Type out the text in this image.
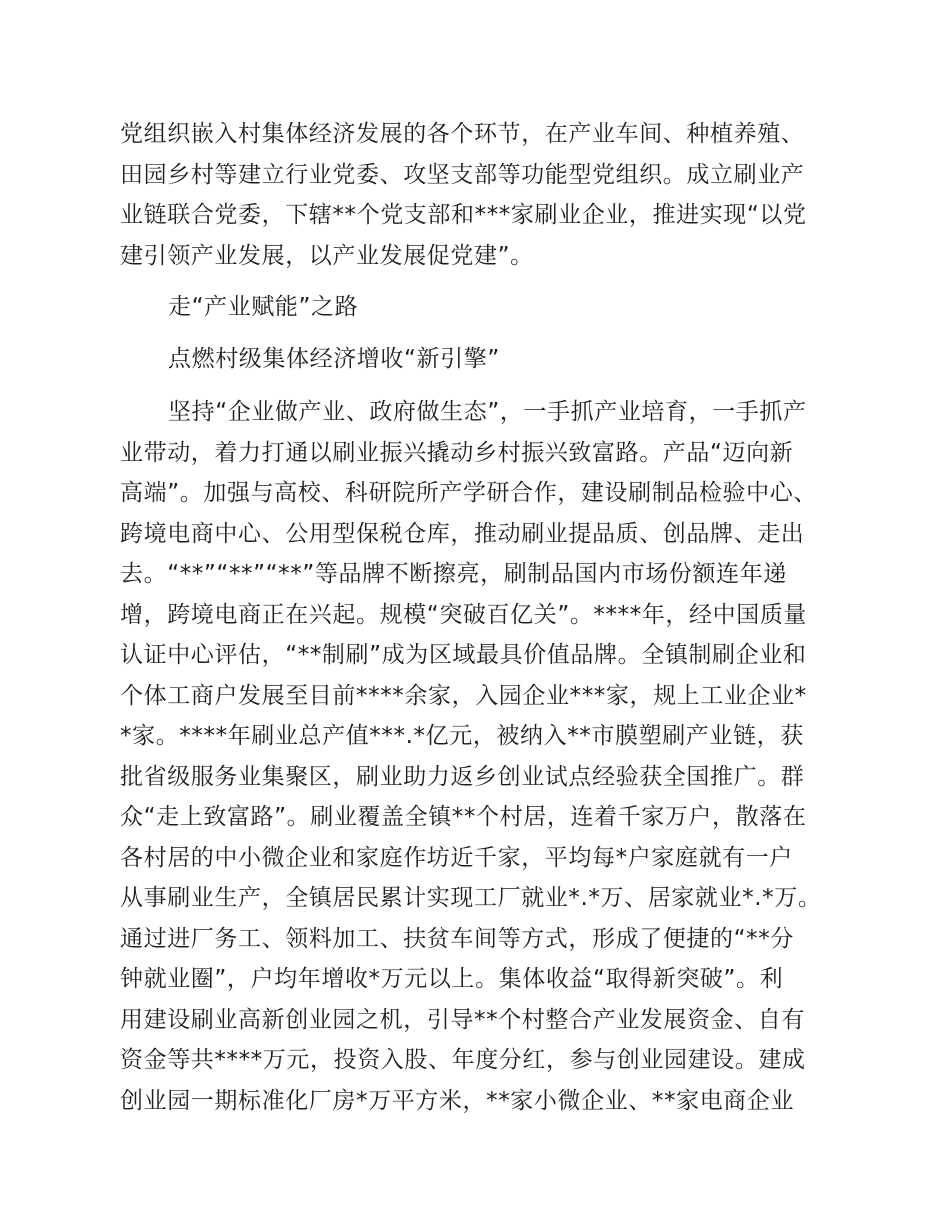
党组织嵌入村集体经济发展的各个环节，在产业车间、种植养殖、
田园乡村等建立行业党委、攻坚支部等功能型党组织。成立刷业产
业链联合党委，下辖**个党支部和***家刷业企业，推进实现“以党
建引领产业发展，以产业发展促党建”。
走“产业赋能”之路
点燃村级集体经济增收“新引擎”
坚持“企业做产业、政府做生态”，一手抓产业培育，一手抓产
业带动，着力打通以刷业振兴撬动乡村振兴致富路。产品“迈向新
高端”。加强与高校、科研院所产学研合作，建设刷制品检验中心、
跨境电商中心、公用型保税仓库，推动刷业提品质、创品牌、走出
去。“**”“**”“**”等品牌不断擦亮，刷制品国内市场份额连年递
增，跨境电商正在兴起。规模“突破百亿关”。****年，经中国质量
认证中心评估，“**制刷”成为区域最具价值品牌。全镇制刷企业和
个体工商户发展至目前****余家，入园企业***家，规上工业企业*
*家。****年刷业总产值***.*亿元，被纳入**市膜塑刷产业链，获
批省级服务业集聚区，刷业助力返乡创业试点经验获全国推广。群
众“走上致富路”。刷业覆盖全镇**个村居，连着千家万户，散落在
各村居的中小微企业和家庭作坊近千家，平均每*户家庭就有一户
从事刷业生产，全镇居民累计实现工厂就业*.*万、居家就业*.*万。
通过进厂务工、领料加工、扶贫车间等方式，形成了便捷的“**分
钟就业圈”，户均年增收*万元以上。集体收益“取得新突破”。利
用建设刷业高新创业园之机，引导**个村整合产业发展资金、自有
资金等共****万元，投资入股、年度分红，参与创业园建设。建成
创业园一期标准化厂房*万平方米，**家小微企业、**家电商企业
